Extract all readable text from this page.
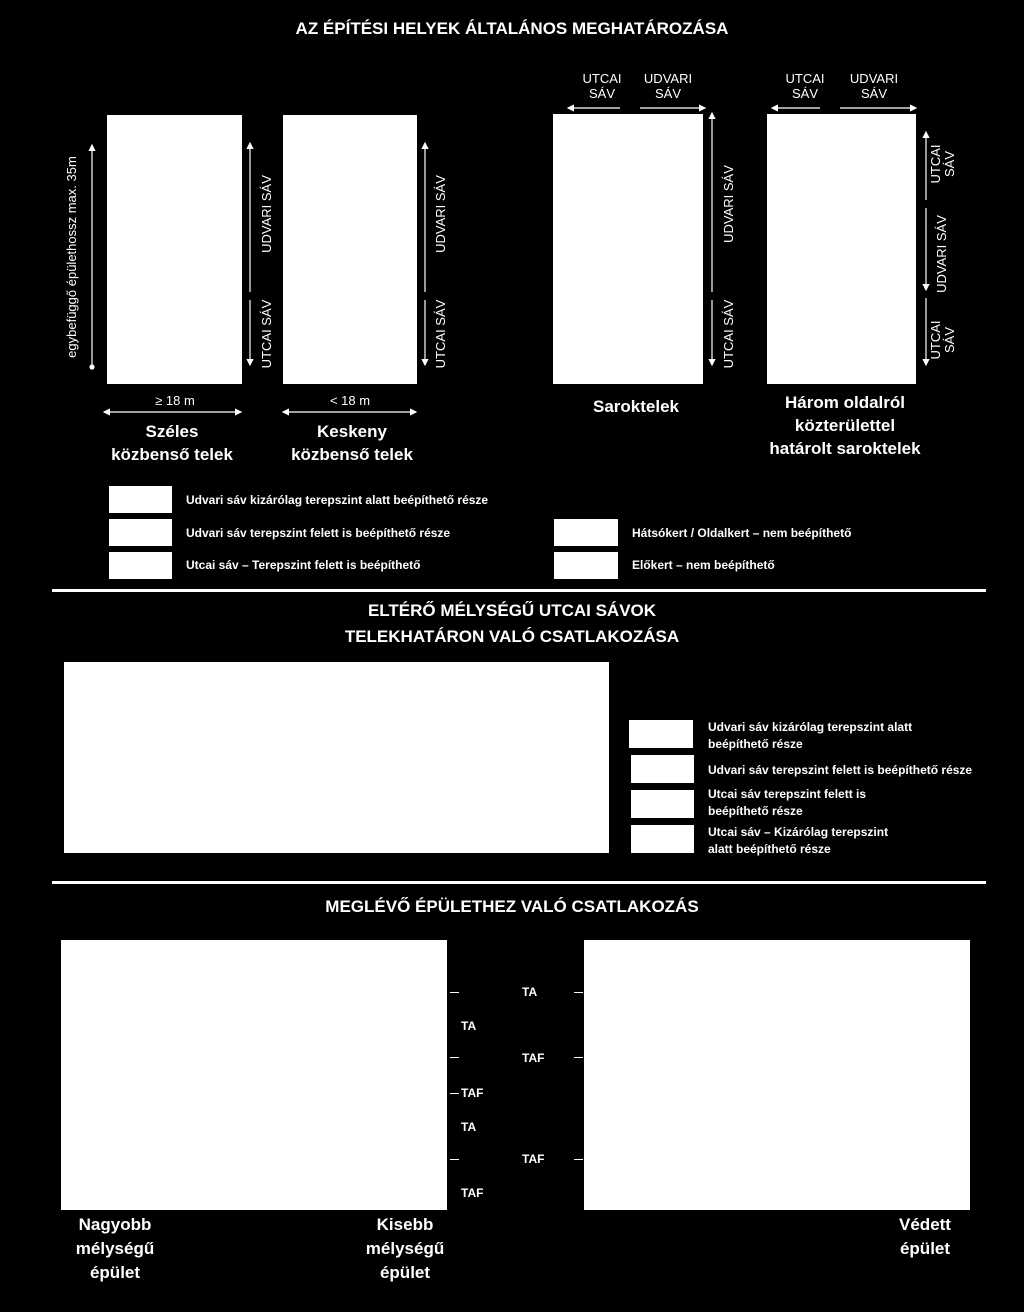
AZ ÉPÍTÉSI HELYEK ÁLTALÁNOS MEGHATÁROZÁSA
UTCAI
SÁV
UDVARI
SÁV
UTCAI
SÁV
UDVARI
SÁV
egybefüggő épülethossz max. 35m	UDVARI SÁV
UTCAI SÁV
UDVARI SÁV
UTCAI SÁV
UDVARI SÁV
UTCAI SÁV
UTCAI
SÁV
UDVARI SÁV
UTCAI
SÁV
≥ 18 m	< 18 m
Széles
közbenső telek
Keskeny
közbenső telek
Saroktelek	Három oldalról
közterülettel
határolt saroktelek
Udvari sáv kizárólag terepszint alatt beépíthető része
Udvari sáv terepszint felett is beépíthető része
Utcai sáv – Terepszint felett is beépíthető
Hátsókert / Oldalkert – nem beépíthető
Előkert – nem beépíthető
ELTÉRŐ MÉLYSÉGŰ UTCAI SÁVOK
TELEKHATÁRON VALÓ CSATLAKOZÁSA
Udvari sáv kizárólag terepszint alatt
beépíthető része
Udvari sáv terepszint felett is beépíthető része
Utcai sáv terepszint felett is
beépíthető része
Utcai sáv – Kizárólag terepszint
alatt beépíthető része
MEGLÉVŐ ÉPÜLETHEZ VALÓ CSATLAKOZÁS
TA
TA
TAF
TAF
TA
TAF
TAF
Nagyobb
mélységű
épület
Kisebb
mélységű
épület
Védett
épület
